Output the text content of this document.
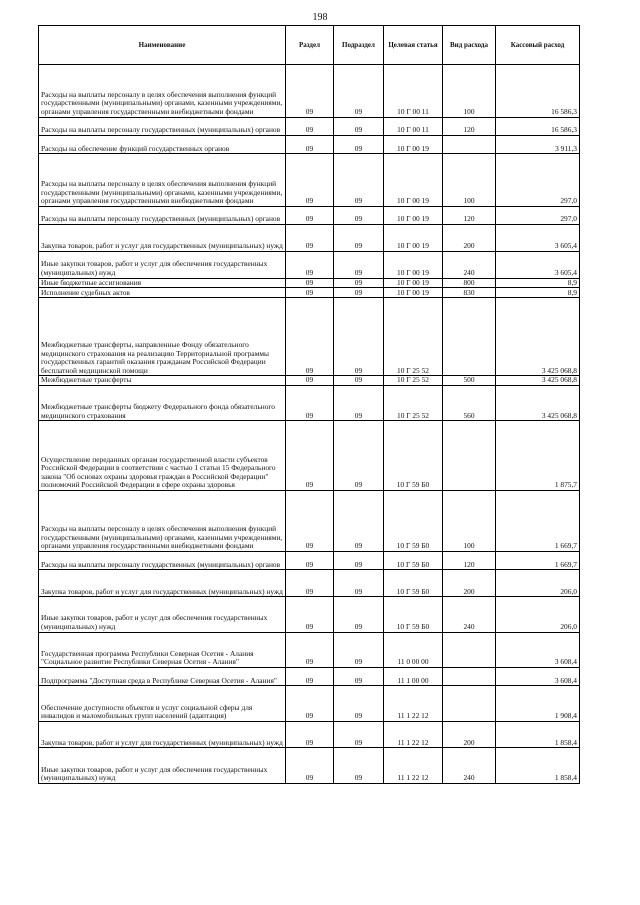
198
Наименование	Раздел	Подраздел	Целевая статья	Вид расхода	Кассовый расход
Расходы на выплаты персоналу в целях обеспечения выполнения функций государственными (муниципальными) органами, казенными учреждениями, органами управления государственными внебюджетными фондами	09	09	10 Г 00 11	100	16 586,3
Расходы на выплаты персоналу государственных (муниципальных) органов	09	09	10 Г 00 11	120	16 586,3
Расходы на обеспечение функций государственных органов	09	09	10 Г 00 19		3 911,3
Расходы на выплаты персоналу в целях обеспечения выполнения функций государственными (муниципальными) органами, казенными учреждениями, органами управления государственными внебюджетными фондами	09	09	10 Г 00 19	100	297,0
Расходы на выплаты персоналу государственных (муниципальных) органов	09	09	10 Г 00 19	120	297,0
Закупка товаров, работ и услуг для государственных (муниципальных) нужд	09	09	10 Г 00 19	200	3 605,4
Иные закупки товаров, работ и услуг для обеспечения государственных (муниципальных) нужд	09	09	10 Г 00 19	240	3 605,4
Иные бюджетные ассигнования	09	09	10 Г 00 19	800	8,9
Исполнение судебных актов	09	09	10 Г 00 19	830	8,9
Межбюджетные трансферты, направленные Фонду обязательного медицинского страхования на реализацию Территориальной программы государственных гарантий оказания гражданам Российской Федерации бесплатной медицинской помощи	09	09	10 Г 25 52		3 425 068,8
Межбюджетные трансферты	09	09	10 Г 25 52	500	3 425 068,8
Межбюджетные трансферты бюджету Федерального фонда обязательного медицинского страхования	09	09	10 Г 25 52	560	3 425 068,8
Осуществление переданных органам государственной власти субъектов Российской Федерации в соответствии с частью 1 статьи 15 Федерального закона "Об основах охраны здоровья граждан в Российской Федерации" полномочий Российской Федерации в сфере охраны здоровья	09	09	10 Г 59 Б0		1 875,7
Расходы на выплаты персоналу в целях обеспечения выполнения функций государственными (муниципальными) органами, казенными учреждениями, органами управления государственными внебюджетными фондами	09	09	10 Г 59 Б0	100	1 669,7
Расходы на выплаты персоналу государственных (муниципальных) органов	09	09	10 Г 59 Б0	120	1 669,7
Закупка товаров, работ и услуг для государственных (муниципальных) нужд	09	09	10 Г 59 Б0	200	206,0
Иные закупки товаров, работ и услуг для обеспечения государственных (муниципальных) нужд	09	09	10 Г 59 Б0	240	206,0
Государственная программа Республики Северная Осетия - Алания "Социальное развитие Республики Северная Осетия - Алания"	09	09	11 0 00 00		3 608,4
Подпрограмма "Доступная среда в Республике Северная Осетия - Алания"	09	09	11 1 00 00		3 608,4
Обеспечение доступности объектов и услуг социальной сферы для инвалидов и маломобильных групп населений (адаптация)	09	09	11 1 22 12		1 908,4
Закупка товаров, работ и услуг для государственных (муниципальных) нужд	09	09	11 1 22 12	200	1 858,4
Иные закупки товаров, работ и услуг для обеспечения государственных (муниципальных) нужд	09	09	11 1 22 12	240	1 858,4
